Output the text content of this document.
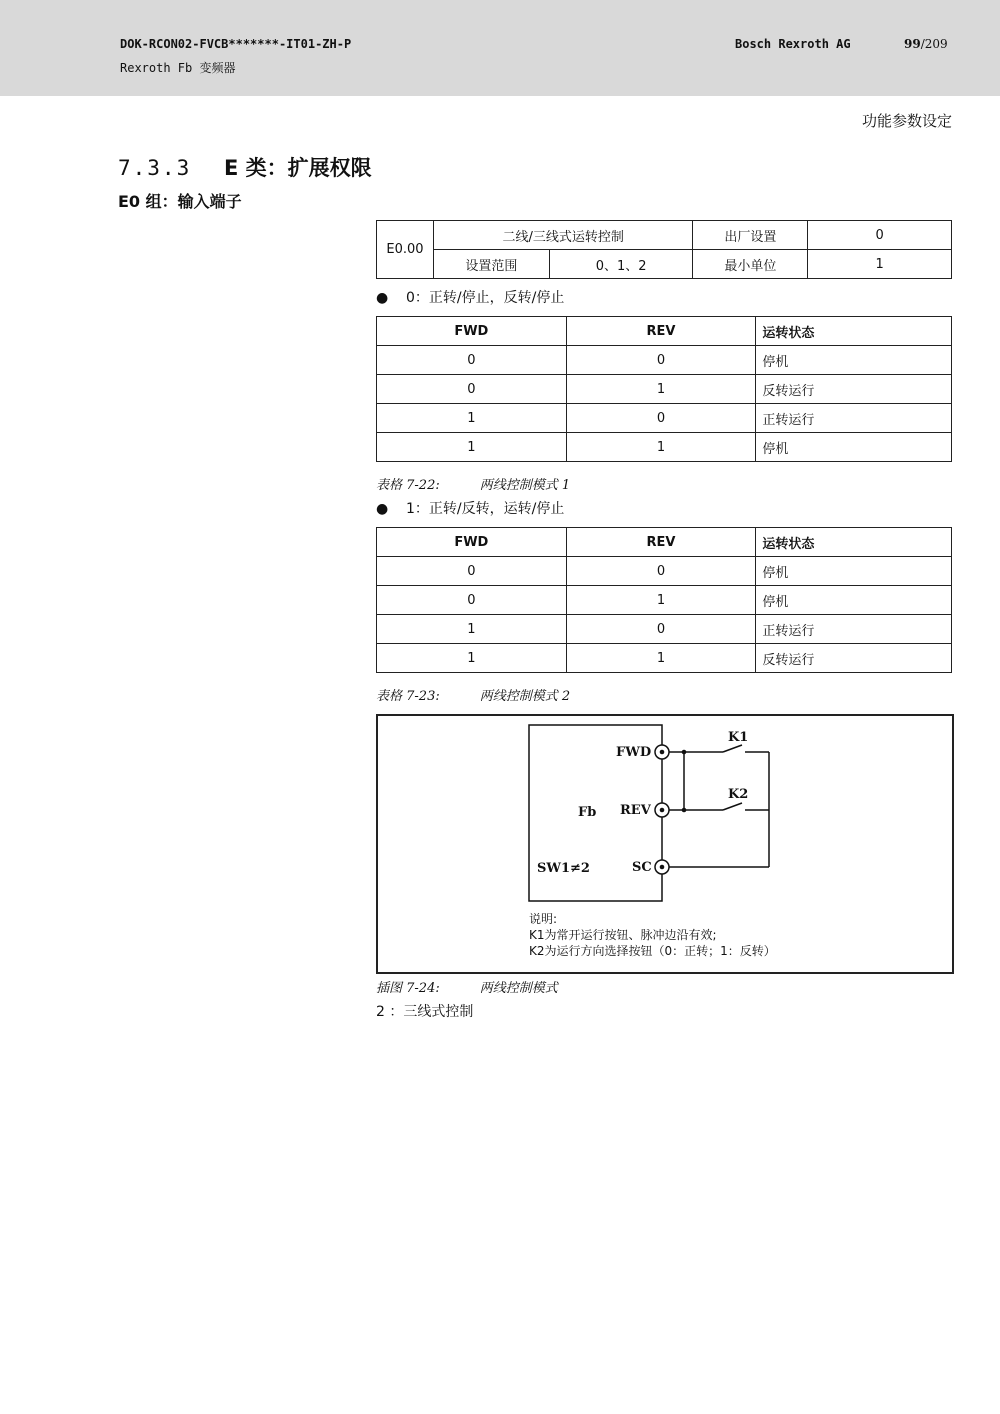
DOK-RCON02-FVCB*******-IT01-ZH-P
Rexroth Fb 变频器
Bosch Rexroth AG	99/209
功能参数设定
7.3.3 E 类：扩展权限
E0 组：输入端子
E0.00	二线/三线式运转控制		出厂设置	0
	设置范围	0、1、2	最小单位	1
● 0：正转/停止，反转/停止
FWD	REV	运转状态
0	0	停机
0	1	反转运行
1	0	正转运行
1	1	停机
表格 7-22:	两线控制模式 1
● 1：正转/反转，运转/停止
FWD	REV	运转状态
0	0	停机
0	1	停机
1	0	正转运行
1	1	反转运行
表格 7-23:	两线控制模式 2
Fb
SW1≠2
FWD
REV
SC
K1
K2
说明:
K1为常开运行按钮、脉冲边沿有效;
K2为运行方向选择按钮（0：正转；1：反转）
插图 7-24:	两线控制模式
2 ：三线式控制
